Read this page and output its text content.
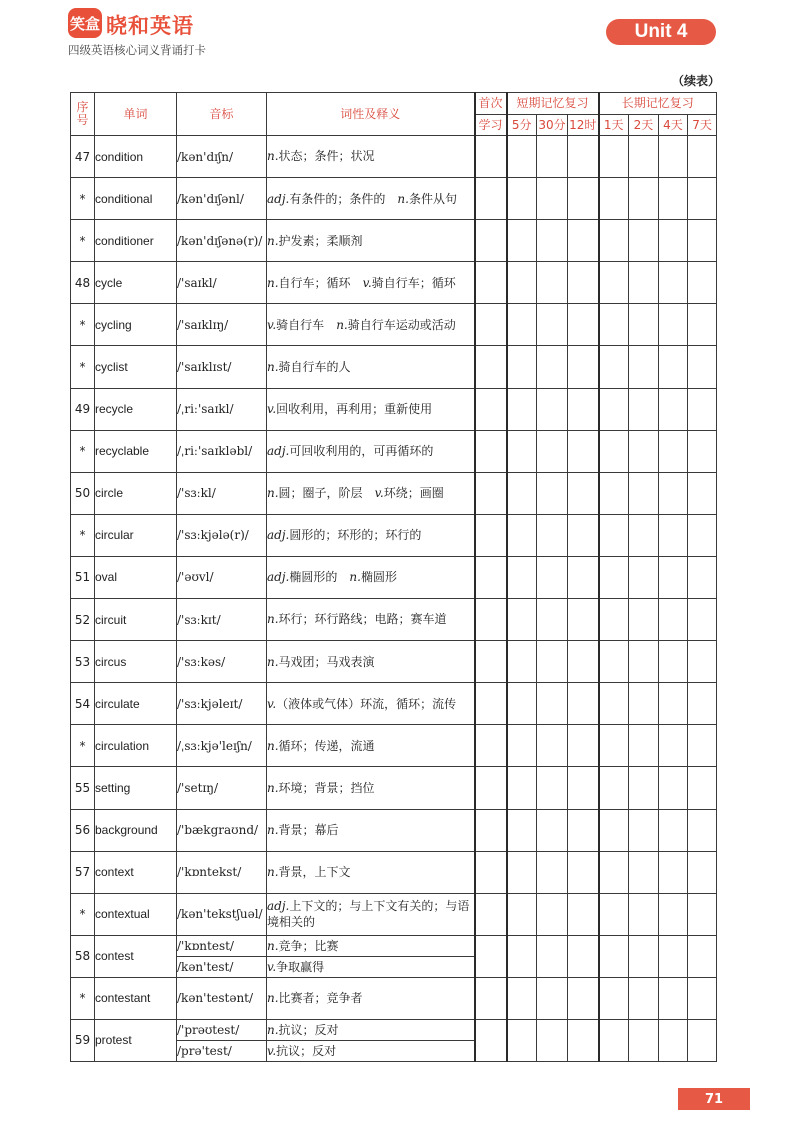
笑盒 晓和英语
四级英语核心词义背诵打卡
Unit 4
（续表）
序号	单词	音标	词性及释义	首次	短期记忆复习			长期记忆复习			
				学习	5分	30分	12时	1天	2天	4天	7天
47	condition	/kən'dɪʃn/	n.状态；条件；状况								
*	conditional	/kən'dɪʃənl/	adj.有条件的；条件的　n.条件从句								
*	conditioner	/kən'dɪʃənə(r)/	n.护发素；柔顺剂								
48	cycle	/'saɪkl/	n.自行车；循环　v.骑自行车；循环								
*	cycling	/'saɪklɪŋ/	v.骑自行车　n.骑自行车运动或活动								
*	cyclist	/'saɪklɪst/	n.骑自行车的人								
49	recycle	/ˌriː'saɪkl/	v.回收利用，再利用；重新使用								
*	recyclable	/ˌriː'saɪkləbl/	adj.可回收利用的，可再循环的								
50	circle	/'sɜːkl/	n.圆；圈子，阶层　v.环绕；画圈								
*	circular	/'sɜːkjələ(r)/	adj.圆形的；环形的；环行的								
51	oval	/'əʊvl/	adj.椭圆形的　n.椭圆形								
52	circuit	/'sɜːkɪt/	n.环行；环行路线；电路；赛车道								
53	circus	/'sɜːkəs/	n.马戏团；马戏表演								
54	circulate	/'sɜːkjəleɪt/	v.（液体或气体）环流，循环；流传								
*	circulation	/ˌsɜːkjə'leɪʃn/	n.循环；传递，流通								
55	setting	/'setɪŋ/	n.环境；背景；挡位								
56	background	/'bækgraʊnd/	n.背景；幕后								
57	context	/'kɒntekst/	n.背景，上下文								
*	contextual	/kən'tekstʃuəl/	adj.上下文的；与上下文有关的；与语境相关的								
58	contest	/'kɒntest/	n.竞争；比赛								
		/kən'test/	v.争取赢得								
*	contestant	/kən'testənt/	n.比赛者；竞争者								
59	protest	/'prəʊtest/	n.抗议；反对								
		/prə'test/	v.抗议；反对								
71
